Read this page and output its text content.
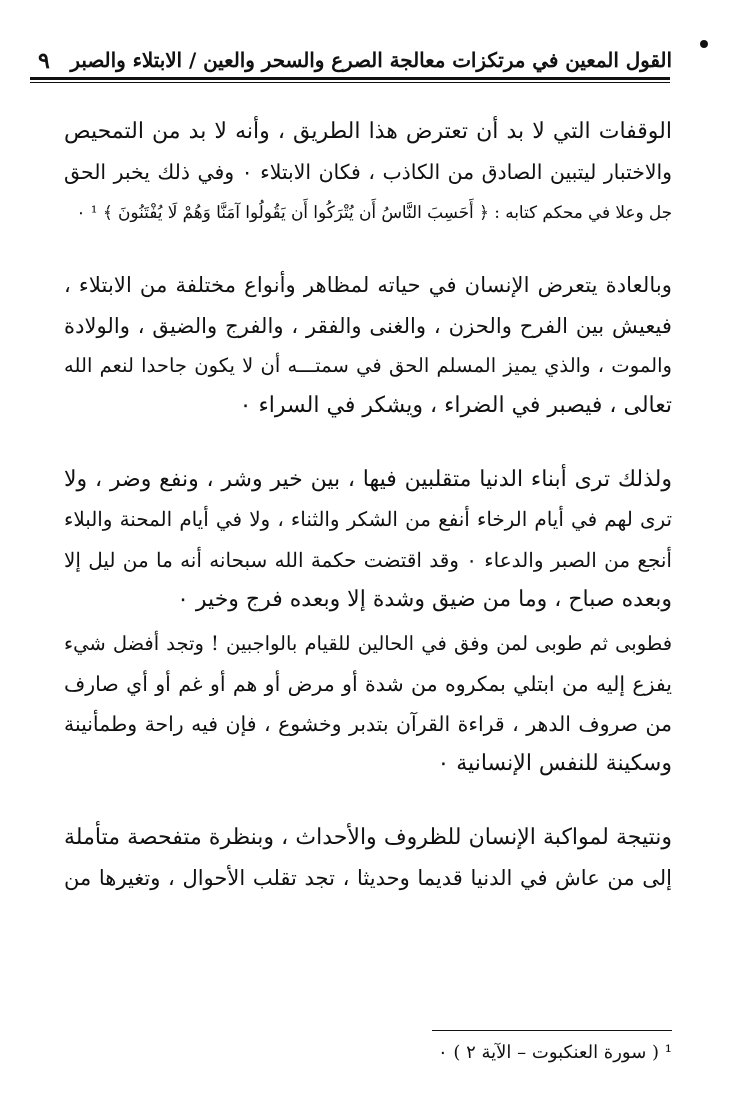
٩ القول المعين في مرتكزات معالجة الصرع والسحر والعين / الابتلاء والصبر

الوقفات التي لا بد أن تعترض هذا الطريق ، وأنه لا بد من التمحيص
والاختبار ليتبين الصادق من الكاذب ، فكان الابتلاء ٠ وفي ذلك يخبر الحق
جل وعلا في محكم كتابه : ﴿ أَحَسِبَ النَّاسُ أَن يُتْرَكُوا أَن يَقُولُوا آمَنَّا وَهُمْ لَا يُفْتَنُونَ ﴾ ¹ ٠

وبالعادة يتعرض الإنسان في حياته لمظاهر وأنواع مختلفة من الابتلاء ،
فيعيش بين الفرح والحزن ، والغنى والفقر ، والفرج والضيق ، والولادة
والموت ، والذي يميز المسلم الحق في سمتـــه أن لا يكون جاحدا لنعم الله
تعالى ، فيصبر في الضراء ، ويشكر في السراء ٠

ولذلك ترى أبناء الدنيا متقلبين فيها ، بين خير وشر ، ونفع وضر ، ولا
ترى لهم في أيام الرخاء أنفع من الشكر والثناء ، ولا في أيام المحنة والبلاء
أنجع من الصبر والدعاء ٠ وقد اقتضت حكمة الله سبحانه أنه ما من ليل إلا
وبعده صباح ، وما من ضيق وشدة إلا وبعده فرج وخير ٠

فطوبى ثم طوبى لمن وفق في الحالين للقيام بالواجبين ! وتجد أفضل شيء
يفزع إليه من ابتلي بمكروه من شدة أو مرض أو هم أو غم أو أي صارف
من صروف الدهر ، قراءة القرآن بتدبر وخشوع ، فإن فيه راحة وطمأنينة
وسكينة للنفس الإنسانية ٠

ونتيجة لمواكبة الإنسان للظروف والأحداث ، وبنظرة متفحصة متأملة
إلى من عاش في الدنيا قديما وحديثا ، تجد تقلب الأحوال ، وتغيرها من

¹ ( سورة العنكبوت – الآية ٢ ) ٠
